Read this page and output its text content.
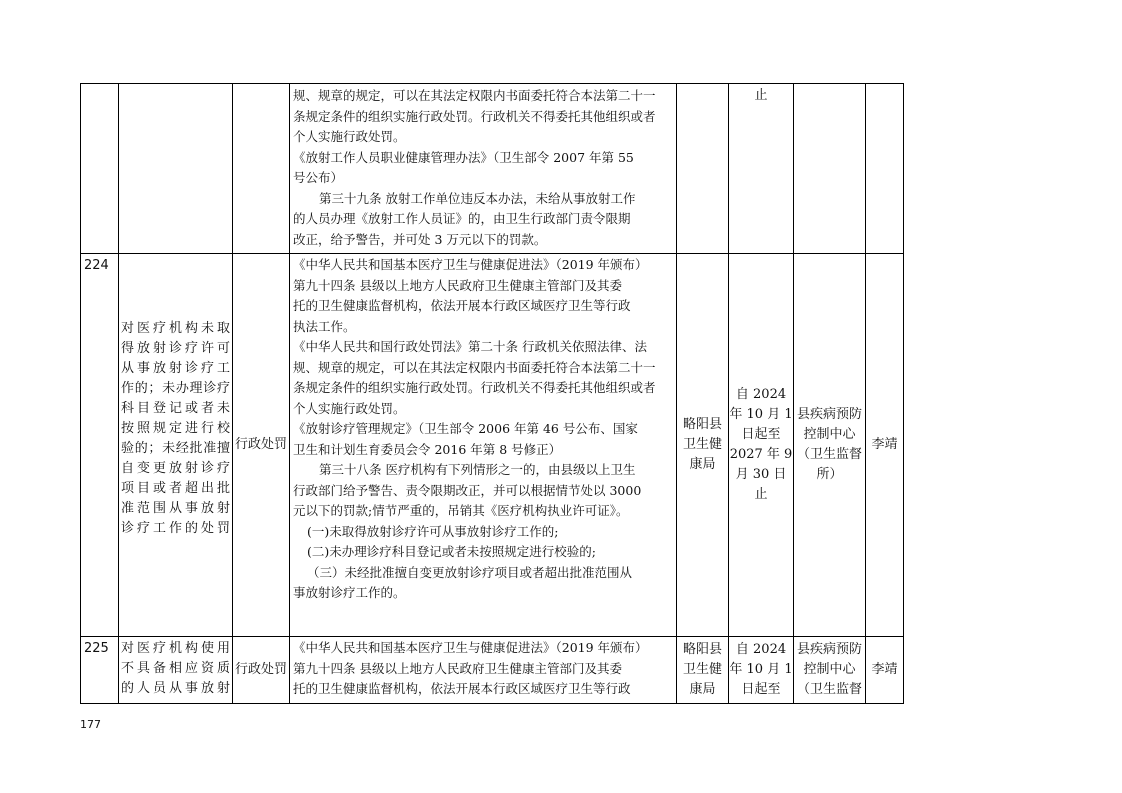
规、规章的规定，可以在其法定权限内书面委托符合本法第二十一
条规定条件的组织实施行政处罚。行政机关不得委托其他组织或者
个人实施行政处罚。
《放射工作人员职业健康管理办法》（卫生部令 2007 年第 55
号公布）
第三十九条 放射工作单位违反本办法，未给从事放射工作
的人员办理《放射工作人员证》的，由卫生行政部门责令限期
改正，给予警告，并可处 3 万元以下的罚款。
止
224
对医疗机构未取
得放射诊疗许可
从事放射诊疗工
作的；未办理诊疗
科目登记或者未
按照规定进行校
验的；未经批准擅
自变更放射诊疗
项目或者超出批
准范围从事放射
诊疗工作的处罚
行政处罚
《中华人民共和国基本医疗卫生与健康促进法》（2019 年颁布）
第九十四条 县级以上地方人民政府卫生健康主管部门及其委
托的卫生健康监督机构，依法开展本行政区域医疗卫生等行政
执法工作。
《中华人民共和国行政处罚法》第二十条 行政机关依照法律、法
规、规章的规定，可以在其法定权限内书面委托符合本法第二十一
条规定条件的组织实施行政处罚。行政机关不得委托其他组织或者
个人实施行政处罚。
《放射诊疗管理规定》（卫生部令 2006 年第 46 号公布、国家
卫生和计划生育委员会令 2016 年第 8 号修正）
第三十八条 医疗机构有下列情形之一的，由县级以上卫生
行政部门给予警告、责令限期改正，并可以根据情节处以 3000
元以下的罚款;情节严重的，吊销其《医疗机构执业许可证》。
(一)未取得放射诊疗许可从事放射诊疗工作的;
(二)未办理诊疗科目登记或者未按照规定进行校验的;
（三）未经批准擅自变更放射诊疗项目或者超出批准范围从
事放射诊疗工作的。
略阳县
卫生健
康局
自 2024
年 10 月 1
日起至
2027 年 9
月 30 日
止
县疾病预防
控制中心
（卫生监督
所）
李靖
225 对医疗机构使用
不具备相应资质
的人员从事放射
行政处罚
《中华人民共和国基本医疗卫生与健康促进法》（2019 年颁布）
第九十四条 县级以上地方人民政府卫生健康主管部门及其委
托的卫生健康监督机构，依法开展本行政区域医疗卫生等行政
略阳县
卫生健
康局
自 2024
年 10 月 1
日起至
县疾病预防
控制中心
（卫生监督
李靖
177
